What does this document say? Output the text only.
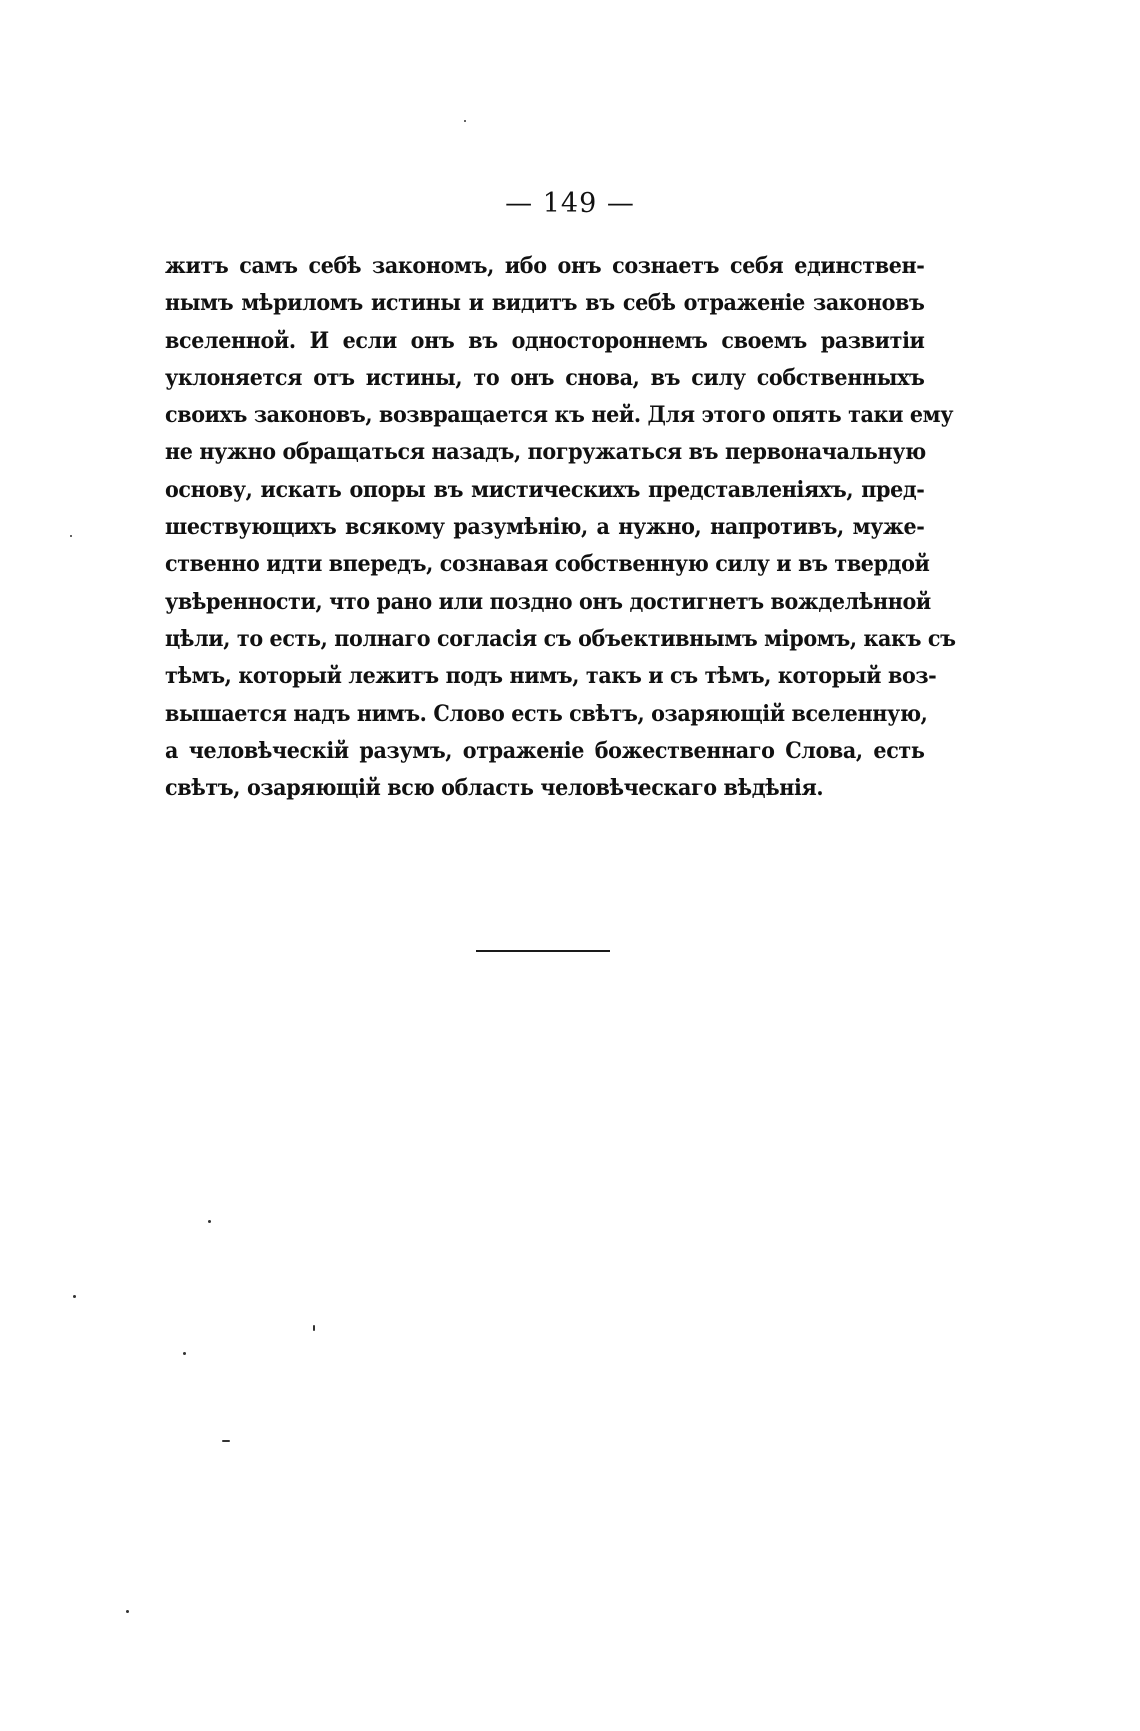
— 149 —
житъ самъ себѣ закономъ, ибо онъ сознаетъ себя единствен-
нымъ мѣриломъ истины и видитъ въ себѣ отраженіе законовъ
вселенной. И если онъ въ одностороннемъ своемъ развитіи
уклоняется отъ истины, то онъ снова, въ силу собственныхъ
своихъ законовъ, возвращается къ ней. Для этого опять таки ему
не нужно обращаться назадъ, погружаться въ первоначальную
основу, искать опоры въ мистическихъ представленіяхъ, пред-
шествующихъ всякому разумѣнію, а нужно, напротивъ, муже-
ственно идти впередъ, сознавая собственную силу и въ твердой
увѣренности, что рано или поздно онъ достигнетъ вожделѣнной
цѣли, то есть, полнаго согласія съ объективнымъ міромъ, какъ съ
тѣмъ, который лежитъ подъ нимъ, такъ и съ тѣмъ, который воз-
вышается надъ нимъ. Слово есть свѣтъ, озаряющій вселенную,
а человѣческій разумъ, отраженіе божественнаго Слова, есть
свѣтъ, озаряющій всю область человѣческаго вѣдѣнія.
